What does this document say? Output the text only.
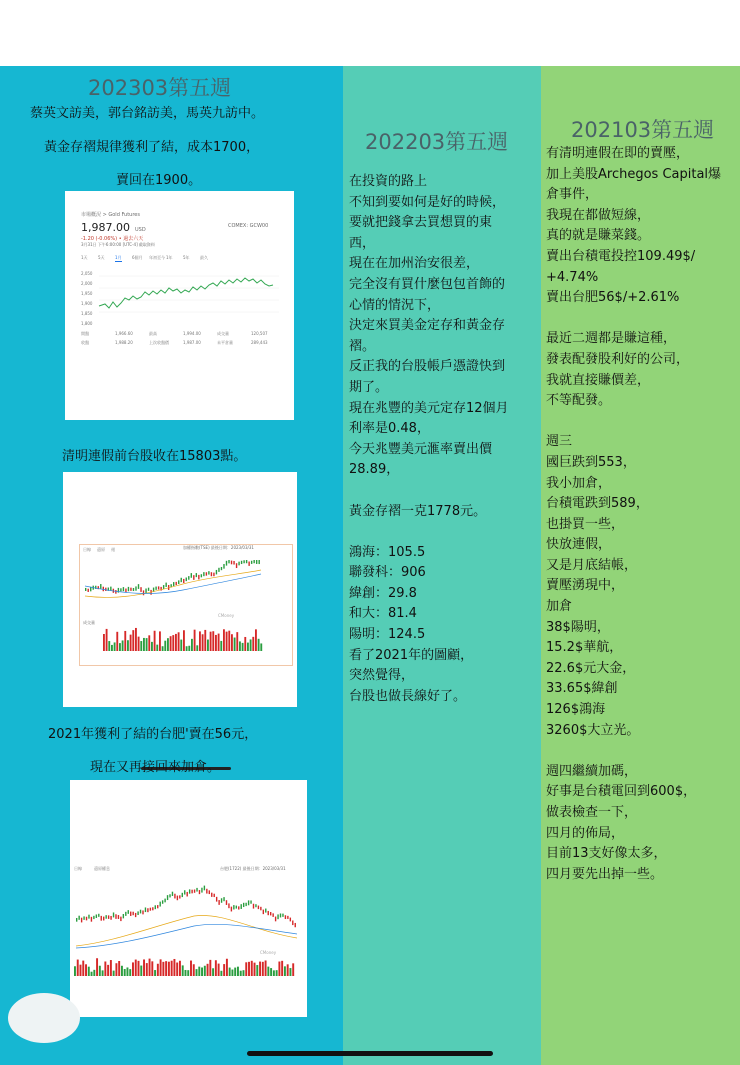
202303第五週
蔡英文訪美，郭台銘訪美，馬英九訪中。
黃金存褶規律獲利了結，成本1700，
賣回在1900。
市場概況 > Gold Futures
1,987.00 USD
-1.20 (-0.06%) • 過去六天
3月31日 下午6:00:00 [UTC-4] 截取資料
COMEX: GCW00
1天	5天	1月	6個月 年初至今 1年	5年	最久
2,050
2,000
1,950
1,900
1,850
1,800
開盤	1,966.60	最高	1,994.00	成交量	120,507
收盤	1,988.20	上次收盤價	1,987.00	未平倉量	289,443
清明連假前台股收在15803點。
加權指數(TSE) 最後日期：2023/03/31
日線 還原 週
成交量
CMoney
2021年獲利了結的台肥'賣在56元，
現在又再接回來加倉。
日線	還原權息	台肥(1722) 最後日期：2023/03/31
CMoney
202203第五週
在投資的路上
不知到要如何是好的時候，
要就把錢拿去買想買的東
西，
現在在加州治安很差，
完全沒有買什麼包包首飾的
心情的情況下，
決定來買美金定存和黃金存
褶。
反正我的台股帳戶憑證快到
期了。
現在兆豐的美元定存12個月
利率是0.48，
今天兆豐美元滙率賣出價
28.89，
黃金存褶一克1778元。
鴻海：105.5
聯發科：906
緯創：29.8
和大：81.4
陽明：124.5
看了2021年的圖顧，
突然覺得，
台股也做長線好了。
202103第五週
有清明連假在即的賣壓，
加上美股Archegos Capital爆
倉事件，
我現在都做短線，
真的就是賺菜錢。
賣出台積電投控109.49$/
+4.74%
賣出台肥56$/+2.61%
最近二週都是賺這種，
發表配發股利好的公司，
我就直接賺價差，
不等配發。
週三
國巨跌到553，
我小加倉，
台積電跌到589，
也掛買一些，
快放連假，
又是月底結帳，
賣壓湧現中，
加倉
38$陽明，
15.2$華航，
22.6$元大金，
33.65$緯創
126$鴻海
3260$大立光。
週四繼續加碼，
好事是台積電回到600$，
做表檢查一下，
四月的佈局，
目前13支好像太多，
四月要先出掉一些。
